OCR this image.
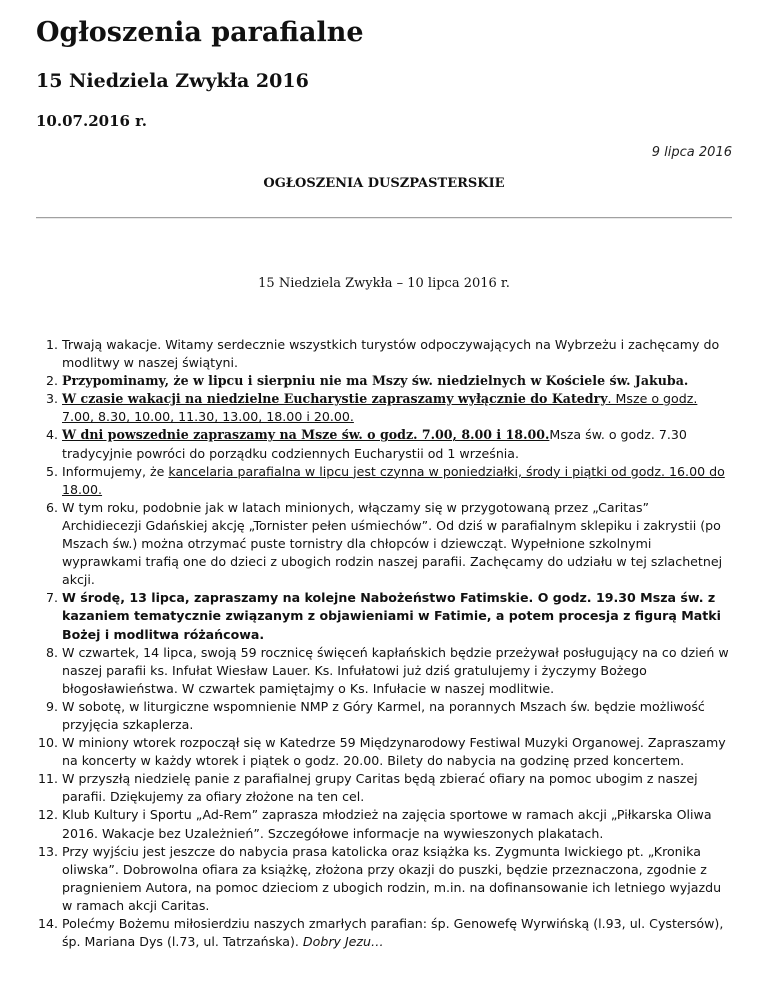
Ogłoszenia parafialne
15 Niedziela Zwykła 2016
10.07.2016 r.
9 lipca 2016
OGŁOSZENIA DUSZPASTERSKIE
15 Niedziela Zwykła – 10 lipca 2016 r.
1. Trwają wakacje. Witamy serdecznie wszystkich turystów odpoczywających na Wybrzeżu i zachęcamy do modlitwy w naszej świątyni.
2. Przypominamy, że w lipcu i sierpniu nie ma Mszy św. niedzielnych w Kościele św. Jakuba.
3. W czasie wakacji na niedzielne Eucharystie zapraszamy wyłącznie do Katedry. Msze o godz. 7.00, 8.30, 10.00, 11.30, 13.00, 18.00 i 20.00.
4. W dni powszednie zapraszamy na Msze św. o godz. 7.00, 8.00 i 18.00.Msza św. o godz. 7.30 tradycyjnie powróci do porządku codziennych Eucharystii od 1 września.
5. Informujemy, że kancelaria parafialna w lipcu jest czynna w poniedziałki, środy i piątki od godz. 16.00 do 18.00.
6. W tym roku, podobnie jak w latach minionych, włączamy się w przygotowaną przez „Caritas” Archidiecezji Gdańskiej akcję „Tornister pełen uśmiechów”. Od dziś w parafialnym sklepiku i zakrystii (po Mszach św.) można otrzymać puste tornistry dla chłopców i dziewcząt. Wypełnione szkolnymi wyprawkami trafią one do dzieci z ubogich rodzin naszej parafii. Zachęcamy do udziału w tej szlachetnej akcji.
7. W środę, 13 lipca, zapraszamy na kolejne Nabożeństwo Fatimskie. O godz. 19.30 Msza św. z kazaniem tematycznie związanym z objawieniami w Fatimie, a potem procesja z figurą Matki Bożej i modlitwa różańcowa.
8. W czwartek, 14 lipca, swoją 59 rocznicę święceń kapłańskich będzie przeżywał posługujący na co dzień w naszej parafii ks. Infułat Wiesław Lauer. Ks. Infułatowi już dziś gratulujemy i życzymy Bożego błogosławieństwa. W czwartek pamiętajmy o Ks. Infułacie w naszej modlitwie.
9. W sobotę, w liturgiczne wspomnienie NMP z Góry Karmel, na porannych Mszach św. będzie możliwość przyjęcia szkaplerza.
10. W miniony wtorek rozpoczął się w Katedrze 59 Międzynarodowy Festiwal Muzyki Organowej. Zapraszamy na koncerty w każdy wtorek i piątek o godz. 20.00. Bilety do nabycia na godzinę przed koncertem.
11. W przyszłą niedzielę panie z parafialnej grupy Caritas będą zbierać ofiary na pomoc ubogim z naszej parafii. Dziękujemy za ofiary złożone na ten cel.
12. Klub Kultury i Sportu „Ad-Rem” zaprasza młodzież na zajęcia sportowe w ramach akcji „Piłkarska Oliwa 2016. Wakacje bez Uzależnień”. Szczegółowe informacje na wywieszonych plakatach.
13. Przy wyjściu jest jeszcze do nabycia prasa katolicka oraz książka ks. Zygmunta Iwickiego pt. „Kronika oliwska”. Dobrowolna ofiara za książkę, złożona przy okazji do puszki, będzie przeznaczona, zgodnie z pragnieniem Autora, na pomoc dzieciom z ubogich rodzin, m.in. na dofinansowanie ich letniego wyjazdu w ramach akcji Caritas.
14. Polećmy Bożemu miłosierdziu naszych zmarłych parafian: śp. Genowefę Wyrwińską (l.93, ul. Cystersów), śp. Mariana Dys (l.73, ul. Tatrzańska). Dobry Jezu…
